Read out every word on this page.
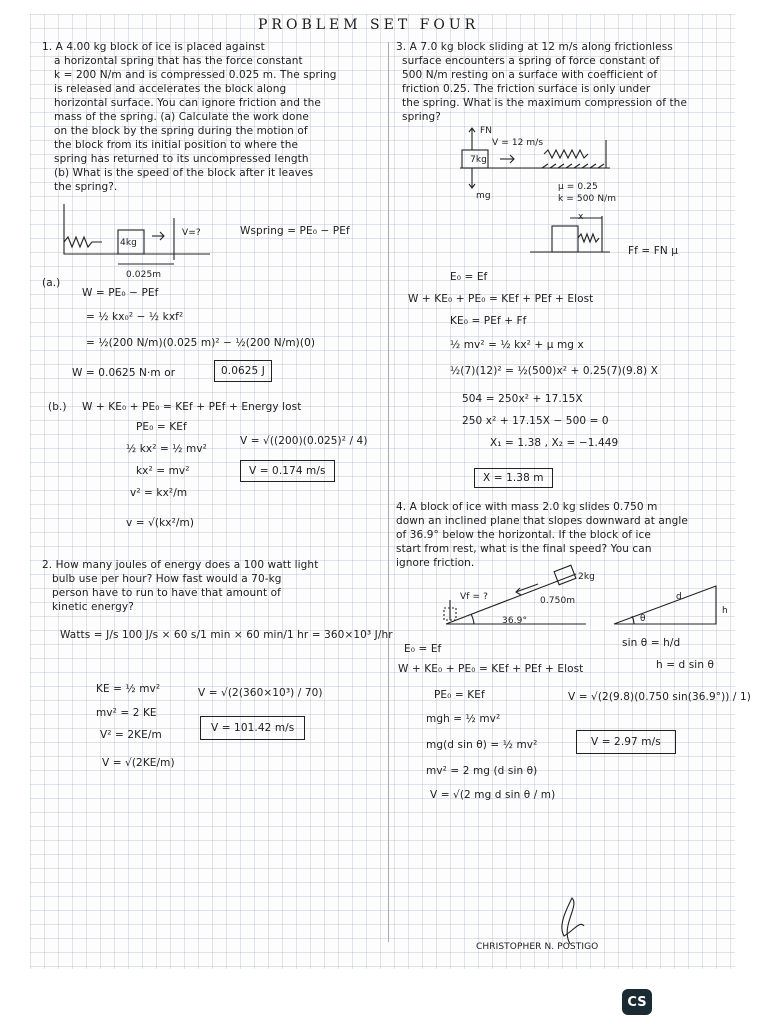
PROBLEM SET FOUR
1. A 4.00 kg block of ice is placed against
a horizontal spring that has the force constant
k = 200 N/m and is compressed 0.025 m. The spring
is released and accelerates the block along
horizontal surface. You can ignore friction and the
mass of the spring. (a) Calculate the work done
on the block by the spring during the motion of
the block from its initial position to where the
spring has returned to its uncompressed length
(b) What is the speed of the block after it leaves
the spring?.
4kg
V=?
0.025m
Wspring = PE₀ − PEf
(a.)
W = PE₀ − PEf
= ½ kx₀² − ½ kxf²
= ½(200 N/m)(0.025 m)² − ½(200 N/m)(0)
W = 0.0625 N·m or	0.0625 J
(b.) W + KE₀ + PE₀ = KEf + PEf + Energy lost
PE₀ = KEf
½ kx² = ½ mv²
kx² = mv²
v² = kx²/m
v = √(kx²/m)
V = √((200)(0.025)² / 4)
V = 0.174 m/s
2. How many joules of energy does a 100 watt light
bulb use per hour? How fast would a 70-kg
person have to run to have that amount of
kinetic energy?
Watts = J/s 100 J/s × 60 s/1 min × 60 min/1 hr = 360×10³ J/hr
KE = ½ mv²
mv² = 2 KE
V² = 2KE/m
V = √(2KE/m)
V = √(2(360×10³) / 70)
V = 101.42 m/s
3. A 7.0 kg block sliding at 12 m/s along frictionless
surface encounters a spring of force constant of
500 N/m resting on a surface with coefficient of
friction 0.25. The friction surface is only under
the spring. What is the maximum compression of the
spring?
FN
V = 12 m/s
7kg
mg
μ = 0.25
k = 500 N/m
x
Ff = FN μ
E₀ = Ef
W + KE₀ + PE₀ = KEf + PEf + Elost
KE₀ = PEf + Ff
½ mv² = ½ kx² + μ mg x
½(7)(12)² = ½(500)x² + 0.25(7)(9.8) X
504 = 250x² + 17.15X
250 x² + 17.15X − 500 = 0
X₁ = 1.38 , X₂ = −1.449
X = 1.38 m
4. A block of ice with mass 2.0 kg slides 0.750 m
down an inclined plane that slopes downward at angle
of 36.9° below the horizontal. If the block of ice
start from rest, what is the final speed? You can
ignore friction.
Vf = ?	0.750m
36.9°
2kg
d
h
θ
sin θ = h/d
h = d sin θ
E₀ = Ef
W + KE₀ + PE₀ = KEf + PEf + Elost
PE₀ = KEf
mgh = ½ mv²
mg(d sin θ) = ½ mv²
mv² = 2 mg (d sin θ)
V = √(2 mg d sin θ / m)
V = √(2(9.8)(0.750 sin(36.9°)) / 1)
V = 2.97 m/s
CHRISTOPHER N. POSTIGO
CS
